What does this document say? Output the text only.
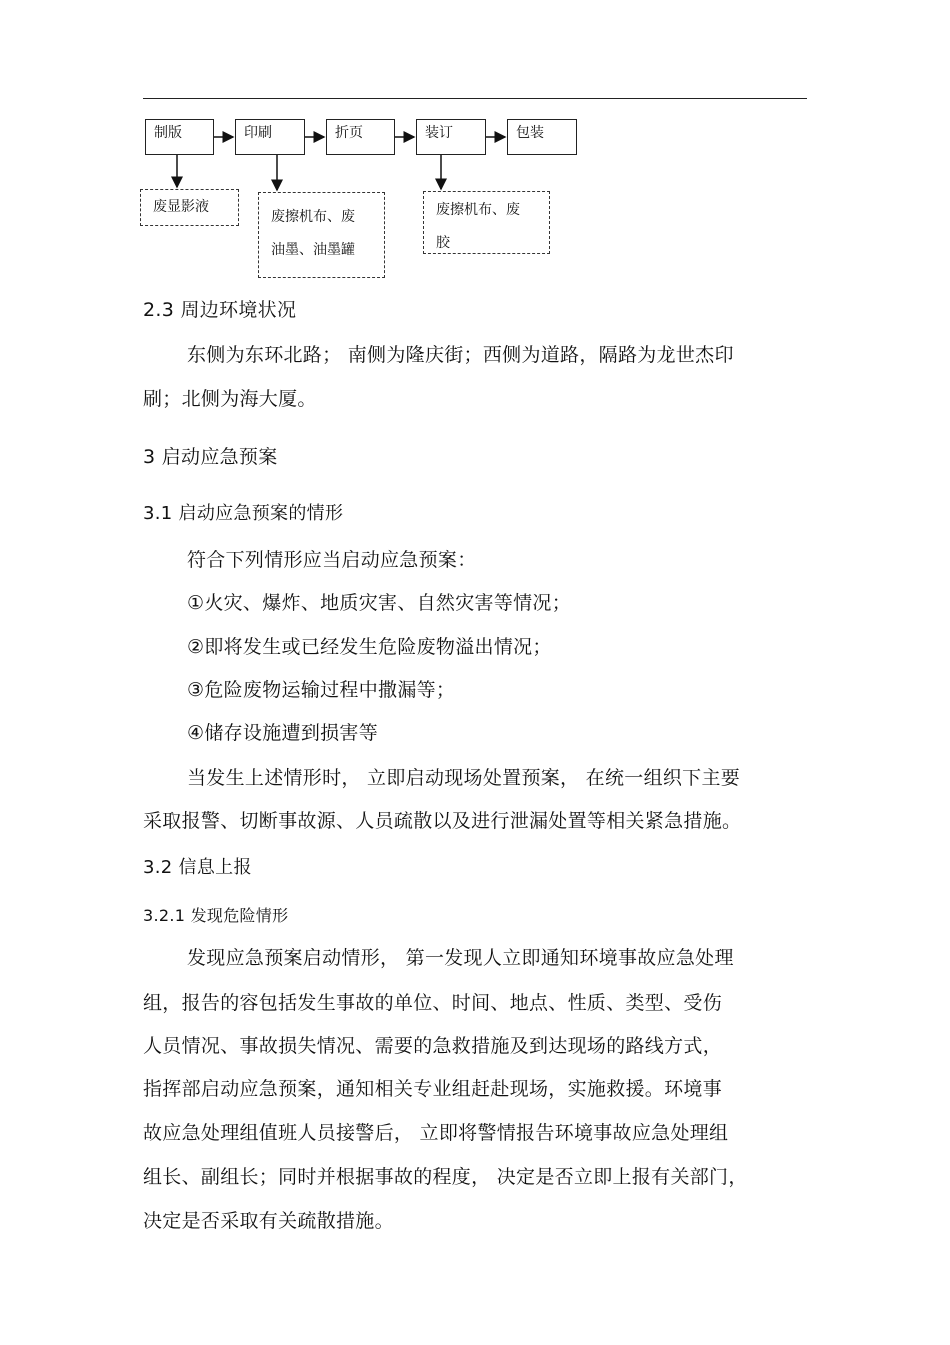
制版	印刷	折页	装订	包装
废显影液
废擦机布、废
油墨、油墨罐
废擦机布、废
胶
2.3 周边环境状况
东侧为东环北路； 南侧为隆庆街；西侧为道路，隔路为龙世杰印
刷；北侧为海大厦。
3 启动应急预案
3.1 启动应急预案的情形
符合下列情形应当启动应急预案：
①火灾、爆炸、地质灾害、自然灾害等情况；
②即将发生或已经发生危险废物溢出情况；
③危险废物运输过程中撒漏等；
④储存设施遭到损害等
当发生上述情形时， 立即启动现场处置预案， 在统一组织下主要
采取报警、切断事故源、人员疏散以及进行泄漏处置等相关紧急措施。
3.2 信息上报
3.2.1 发现危险情形
发现应急预案启动情形， 第一发现人立即通知环境事故应急处理
组，报告的容包括发生事故的单位、时间、地点、性质、类型、受伤
人员情况、事故损失情况、需要的急救措施及到达现场的路线方式，
指挥部启动应急预案，通知相关专业组赶赴现场，实施救援。环境事
故应急处理组值班人员接警后， 立即将警情报告环境事故应急处理组
组长、副组长；同时并根据事故的程度， 决定是否立即上报有关部门，
决定是否采取有关疏散措施。
